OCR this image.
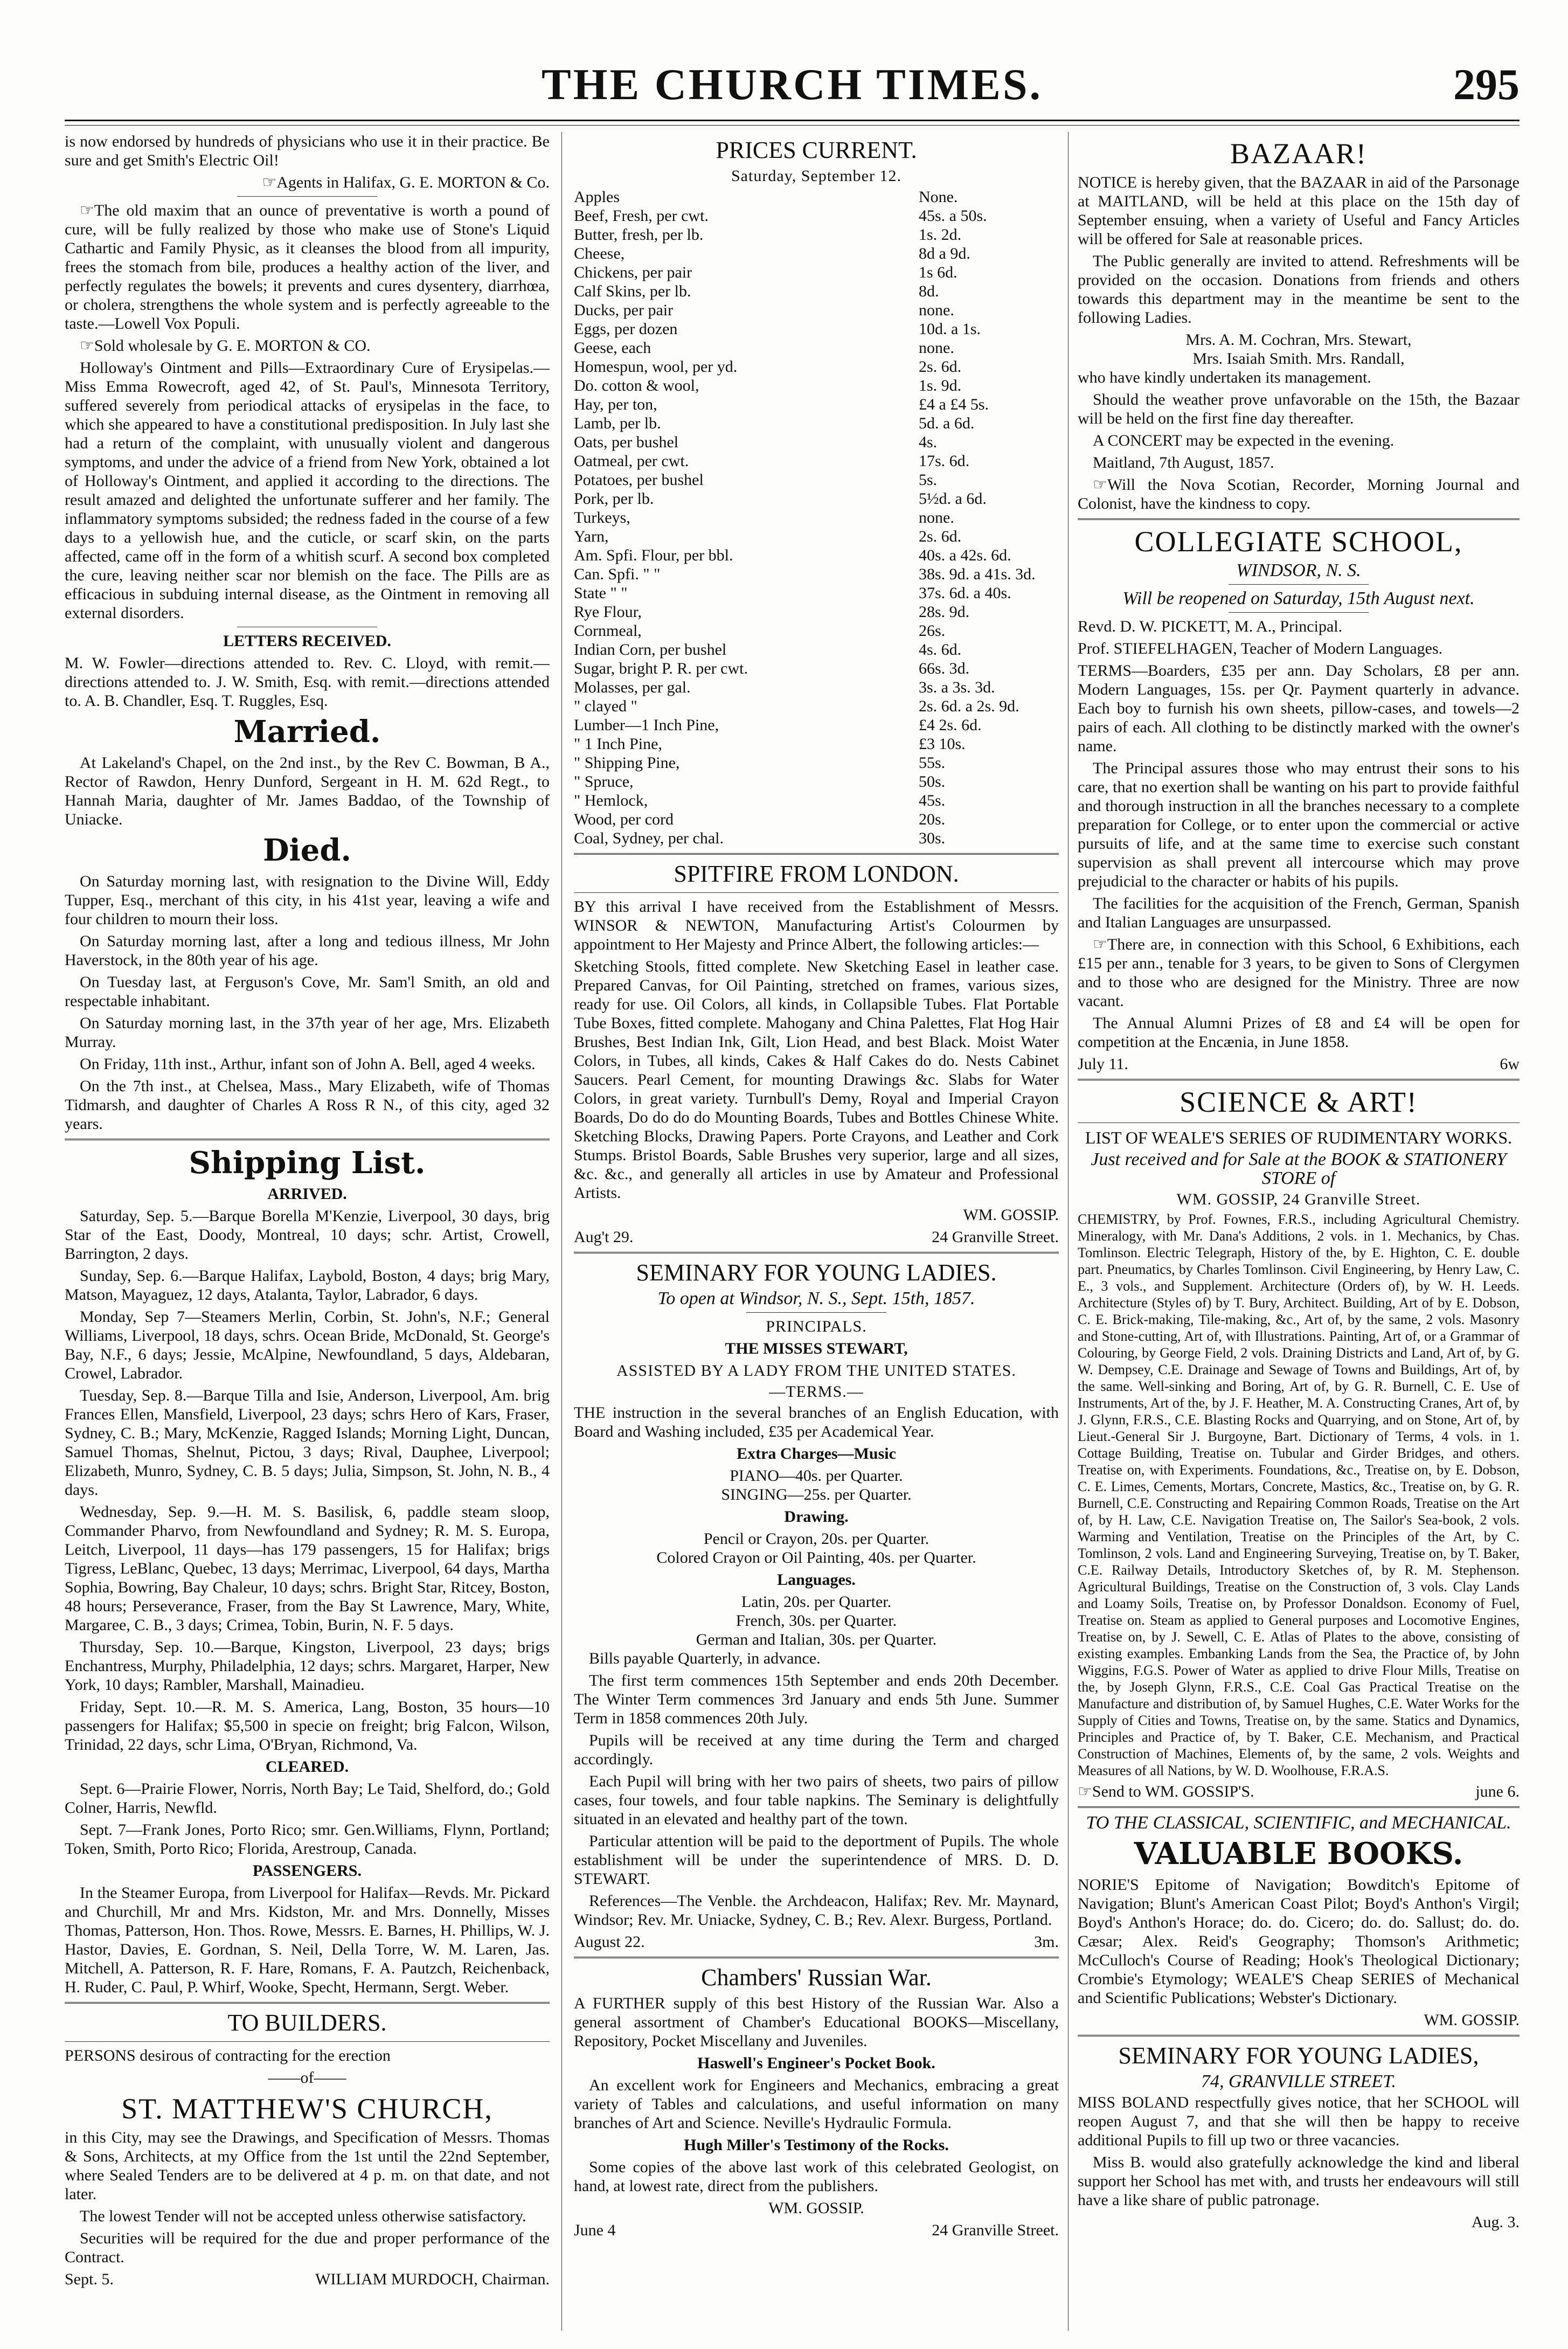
THE CHURCH TIMES.	295

is now endorsed by hundreds of physicians who use it in their practice. Be sure and get Smith's Electric Oil!

☞Agents in Halifax, G. E. MORTON & Co.

☞The old maxim that an ounce of preventative is worth a pound of cure, will be fully realized by those who make use of Stone's Liquid Cathartic and Family Physic, as it cleanses the blood from all impurity, frees the stomach from bile, produces a healthy action of the liver, and perfectly regulates the bowels; it prevents and cures dysentery, diarrhœa, or cholera, strengthens the whole system and is perfectly agreeable to the taste.—Lowell Vox Populi.

☞Sold wholesale by G. E. MORTON & CO.

Holloway's Ointment and Pills—Extraordinary Cure of Erysipelas.—Miss Emma Rowecroft, aged 42, of St. Paul's, Minnesota Territory, suffered severely from periodical attacks of erysipelas in the face, to which she appeared to have a constitutional predisposition. In July last she had a return of the complaint, with unusually violent and dangerous symptoms, and under the advice of a friend from New York, obtained a lot of Holloway's Ointment, and applied it according to the directions. The result amazed and delighted the unfortunate sufferer and her family. The inflammatory symptoms subsided; the redness faded in the course of a few days to a yellowish hue, and the cuticle, or scarf skin, on the parts affected, came off in the form of a whitish scurf. A second box completed the cure, leaving neither scar nor blemish on the face. The Pills are as efficacious in subduing internal disease, as the Ointment in removing all external disorders.

LETTERS RECEIVED.

M. W. Fowler—directions attended to. Rev. C. Lloyd, with remit.—directions attended to. J. W. Smith, Esq. with remit.—directions attended to. A. B. Chandler, Esq. T. Ruggles, Esq.

Married.

At Lakeland's Chapel, on the 2nd inst., by the Rev C. Bowman, B A., Rector of Rawdon, Henry Dunford, Sergeant in H. M. 62d Regt., to Hannah Maria, daughter of Mr. James Baddao, of the Township of Uniacke.

Died.

On Saturday morning last, with resignation to the Divine Will, Eddy Tupper, Esq., merchant of this city, in his 41st year, leaving a wife and four children to mourn their loss.

On Saturday morning last, after a long and tedious illness, Mr John Haverstock, in the 80th year of his age.

On Tuesday last, at Ferguson's Cove, Mr. Sam'l Smith, an old and respectable inhabitant.

On Saturday morning last, in the 37th year of her age, Mrs. Elizabeth Murray.

On Friday, 11th inst., Arthur, infant son of John A. Bell, aged 4 weeks.

On the 7th inst., at Chelsea, Mass., Mary Elizabeth, wife of Thomas Tidmarsh, and daughter of Charles A Ross R N., of this city, aged 32 years.

Shipping List.
ARRIVED.

Saturday, Sep. 5.—Barque Borella M'Kenzie, Liverpool, 30 days, brig Star of the East, Doody, Montreal, 10 days; schr. Artist, Crowell, Barrington, 2 days.

Sunday, Sep. 6.—Barque Halifax, Laybold, Boston, 4 days; brig Mary, Matson, Mayaguez, 12 days, Atalanta, Taylor, Labrador, 6 days.

Monday, Sep 7—Steamers Merlin, Corbin, St. John's, N.F.; General Williams, Liverpool, 18 days, schrs. Ocean Bride, McDonald, St. George's Bay, N.F., 6 days; Jessie, McAlpine, Newfoundland, 5 days, Aldebaran, Crowel, Labrador.

Tuesday, Sep. 8.—Barque Tilla and Isie, Anderson, Liverpool, Am. brig Frances Ellen, Mansfield, Liverpool, 23 days; schrs Hero of Kars, Fraser, Sydney, C. B.; Mary, McKenzie, Ragged Islands; Morning Light, Duncan, Samuel Thomas, Shelnut, Pictou, 3 days; Rival, Dauphee, Liverpool; Elizabeth, Munro, Sydney, C. B. 5 days; Julia, Simpson, St. John, N. B., 4 days.

Wednesday, Sep. 9.—H. M. S. Basilisk, 6, paddle steam sloop, Commander Pharvo, from Newfoundland and Sydney; R. M. S. Europa, Leitch, Liverpool, 11 days—has 179 passengers, 15 for Halifax; brigs Tigress, LeBlanc, Quebec, 13 days; Merrimac, Liverpool, 64 days, Martha Sophia, Bowring, Bay Chaleur, 10 days; schrs. Bright Star, Ritcey, Boston, 48 hours; Perseverance, Fraser, from the Bay St Lawrence, Mary, White, Margaree, C. B., 3 days; Crimea, Tobin, Burin, N. F. 5 days.

Thursday, Sep. 10.—Barque, Kingston, Liverpool, 23 days; brigs Enchantress, Murphy, Philadelphia, 12 days; schrs. Margaret, Harper, New York, 10 days; Rambler, Marshall, Mainadieu.

Friday, Sept. 10.—R. M. S. America, Lang, Boston, 35 hours—10 passengers for Halifax; $5,500 in specie on freight; brig Falcon, Wilson, Trinidad, 22 days, schr Lima, O'Bryan, Richmond, Va.

CLEARED.

Sept. 6—Prairie Flower, Norris, North Bay; Le Taid, Shelford, do.; Gold Colner, Harris, Newfld.

Sept. 7—Frank Jones, Porto Rico; smr. Gen.Williams, Flynn, Portland; Token, Smith, Porto Rico; Florida, Arestroup, Canada.

PASSENGERS.

In the Steamer Europa, from Liverpool for Halifax—Revds. Mr. Pickard and Churchill, Mr and Mrs. Kidston, Mr. and Mrs. Donnelly, Misses Thomas, Patterson, Hon. Thos. Rowe, Messrs. E. Barnes, H. Phillips, W. J. Hastor, Davies, E. Gordnan, S. Neil, Della Torre, W. M. Laren, Jas. Mitchell, A. Patterson, R. F. Hare, Romans, F. A. Pautzch, Reichenback, H. Ruder, C. Paul, P. Whirf, Wooke, Specht, Hermann, Sergt. Weber.

TO BUILDERS.

PERSONS desirous of contracting for the erection

——of——
ST. MATTHEW'S CHURCH,

in this City, may see the Drawings, and Specification of Messrs. Thomas & Sons, Architects, at my Office from the 1st until the 22nd September, where Sealed Tenders are to be delivered at 4 p. m. on that date, and not later.

The lowest Tender will not be accepted unless otherwise satisfactory.

Securities will be required for the due and proper performance of the Contract.

Sept. 5.	WILLIAM MURDOCH, Chairman.
PRICES CURRENT.
Saturday, September 12.
Apples	None.
Beef, Fresh, per cwt.	45s. a 50s.
Butter, fresh, per lb.	1s. 2d.
Cheese,	8d a 9d.
Chickens, per pair	1s 6d.
Calf Skins, per lb.	8d.
Ducks, per pair	none.
Eggs, per dozen	10d. a 1s.
Geese, each	none.
Homespun, wool, per yd.	2s. 6d.
Do. cotton & wool,	1s. 9d.
Hay, per ton,	£4 a £4 5s.
Lamb, per lb.	5d. a 6d.
Oats, per bushel	4s.
Oatmeal, per cwt.	17s. 6d.
Potatoes, per bushel	5s.
Pork, per lb.	5½d. a 6d.
Turkeys,	none.
Yarn,	2s. 6d.
Am. Spfi. Flour, per bbl.	40s. a 42s. 6d.
Can. Spfi. " "	38s. 9d. a 41s. 3d.
State " "	37s. 6d. a 40s.
Rye Flour,	28s. 9d.
Cornmeal,	26s.
Indian Corn, per bushel	4s. 6d.
Sugar, bright P. R. per cwt.	66s. 3d.
Molasses, per gal.	3s. a 3s. 3d.
" clayed "	2s. 6d. a 2s. 9d.
Lumber—1 Inch Pine,	£4 2s. 6d.
" 1 Inch Pine,	£3 10s.
" Shipping Pine,	55s.
" Spruce,	50s.
" Hemlock,	45s.
Wood, per cord	20s.
Coal, Sydney, per chal.	30s.
SPITFIRE FROM LONDON.

BY this arrival I have received from the Establishment of Messrs. WINSOR & NEWTON, Manufacturing Artist's Colourmen by appointment to Her Majesty and Prince Albert, the following articles:—

Sketching Stools, fitted complete. New Sketching Easel in leather case. Prepared Canvas, for Oil Painting, stretched on frames, various sizes, ready for use. Oil Colors, all kinds, in Collapsible Tubes. Flat Portable Tube Boxes, fitted complete. Mahogany and China Palettes, Flat Hog Hair Brushes, Best Indian Ink, Gilt, Lion Head, and best Black. Moist Water Colors, in Tubes, all kinds, Cakes & Half Cakes do do. Nests Cabinet Saucers. Pearl Cement, for mounting Drawings &c. Slabs for Water Colors, in great variety. Turnbull's Demy, Royal and Imperial Crayon Boards, Do do do do Mounting Boards, Tubes and Bottles Chinese White. Sketching Blocks, Drawing Papers. Porte Crayons, and Leather and Cork Stumps. Bristol Boards, Sable Brushes very superior, large and all sizes, &c. &c., and generally all articles in use by Amateur and Professional Artists.

WM. GOSSIP.

Aug't 29.	24 Granville Street.
SEMINARY FOR YOUNG LADIES.
To open at Windsor, N. S., Sept. 15th, 1857.
PRINCIPALS.
THE MISSES STEWART,
ASSISTED BY A LADY FROM THE UNITED STATES.
—TERMS.—

THE instruction in the several branches of an English Education, with Board and Washing included, £35 per Academical Year.

Extra Charges—Music
PIANO—40s. per Quarter.
SINGING—25s. per Quarter.
Drawing.
Pencil or Crayon, 20s. per Quarter.
Colored Crayon or Oil Painting, 40s. per Quarter.
Languages.
Latin, 20s. per Quarter.
French, 30s. per Quarter.
German and Italian, 30s. per Quarter.

Bills payable Quarterly, in advance.

The first term commences 15th September and ends 20th December. The Winter Term commences 3rd January and ends 5th June. Summer Term in 1858 commences 20th July.

Pupils will be received at any time during the Term and charged accordingly.

Each Pupil will bring with her two pairs of sheets, two pairs of pillow cases, four towels, and four table napkins. The Seminary is delightfully situated in an elevated and healthy part of the town.

Particular attention will be paid to the deportment of Pupils. The whole establishment will be under the superintendence of MRS. D. D. STEWART.

References—The Venble. the Archdeacon, Halifax; Rev. Mr. Maynard, Windsor; Rev. Mr. Uniacke, Sydney, C. B.; Rev. Alexr. Burgess, Portland.

August 22.	3m.
Chambers' Russian War.

A FURTHER supply of this best History of the Russian War. Also a general assortment of Chamber's Educational BOOKS—Miscellany, Repository, Pocket Miscellany and Juveniles.

Haswell's Engineer's Pocket Book.

An excellent work for Engineers and Mechanics, embracing a great variety of Tables and calculations, and useful information on many branches of Art and Science. Neville's Hydraulic Formula.

Hugh Miller's Testimony of the Rocks.

Some copies of the above last work of this celebrated Geologist, on hand, at lowest rate, direct from the publishers.

WM. GOSSIP.

June 4	24 Granville Street.
BAZAAR!

NOTICE is hereby given, that the BAZAAR in aid of the Parsonage at MAITLAND, will be held at this place on the 15th day of September ensuing, when a variety of Useful and Fancy Articles will be offered for Sale at reasonable prices.

The Public generally are invited to attend. Refreshments will be provided on the occasion. Donations from friends and others towards this department may in the meantime be sent to the following Ladies.

Mrs. A. M. Cochran, Mrs. Stewart,
Mrs. Isaiah Smith. Mrs. Randall,

who have kindly undertaken its management.

Should the weather prove unfavorable on the 15th, the Bazaar will be held on the first fine day thereafter.

A CONCERT may be expected in the evening.

Maitland, 7th August, 1857.

☞Will the Nova Scotian, Recorder, Morning Journal and Colonist, have the kindness to copy.

COLLEGIATE SCHOOL,
WINDSOR, N. S.
Will be reopened on Saturday, 15th August next.

Revd. D. W. PICKETT, M. A., Principal.

Prof. STIEFELHAGEN, Teacher of Modern Languages.

TERMS—Boarders, £35 per ann. Day Scholars, £8 per ann. Modern Languages, 15s. per Qr. Payment quarterly in advance. Each boy to furnish his own sheets, pillow-cases, and towels—2 pairs of each. All clothing to be distinctly marked with the owner's name.

The Principal assures those who may entrust their sons to his care, that no exertion shall be wanting on his part to provide faithful and thorough instruction in all the branches necessary to a complete preparation for College, or to enter upon the commercial or active pursuits of life, and at the same time to exercise such constant supervision as shall prevent all intercourse which may prove prejudicial to the character or habits of his pupils.

The facilities for the acquisition of the French, German, Spanish and Italian Languages are unsurpassed.

☞There are, in connection with this School, 6 Exhibitions, each £15 per ann., tenable for 3 years, to be given to Sons of Clergymen and to those who are designed for the Ministry. Three are now vacant.

The Annual Alumni Prizes of £8 and £4 will be open for competition at the Encænia, in June 1858.

July 11.	6w
SCIENCE & ART!
LIST OF WEALE'S SERIES OF RUDIMENTARY WORKS.
Just received and for Sale at the BOOK & STATIONERY STORE of
WM. GOSSIP, 24 Granville Street.

CHEMISTRY, by Prof. Fownes, F.R.S., including Agricultural Chemistry. Mineralogy, with Mr. Dana's Additions, 2 vols. in 1. Mechanics, by Chas. Tomlinson. Electric Telegraph, History of the, by E. Highton, C. E. double part. Pneumatics, by Charles Tomlinson. Civil Engineering, by Henry Law, C. E., 3 vols., and Supplement. Architecture (Orders of), by W. H. Leeds. Architecture (Styles of) by T. Bury, Architect. Building, Art of by E. Dobson, C. E. Brick-making, Tile-making, &c., Art of, by the same, 2 vols. Masonry and Stone-cutting, Art of, with Illustrations. Painting, Art of, or a Grammar of Colouring, by George Field, 2 vols. Draining Districts and Land, Art of, by G. W. Dempsey, C.E. Drainage and Sewage of Towns and Buildings, Art of, by the same. Well-sinking and Boring, Art of, by G. R. Burnell, C. E. Use of Instruments, Art of the, by J. F. Heather, M. A. Constructing Cranes, Art of, by J. Glynn, F.R.S., C.E. Blasting Rocks and Quarrying, and on Stone, Art of, by Lieut.-General Sir J. Burgoyne, Bart. Dictionary of Terms, 4 vols. in 1. Cottage Building, Treatise on. Tubular and Girder Bridges, and others. Treatise on, with Experiments. Foundations, &c., Treatise on, by E. Dobson, C. E. Limes, Cements, Mortars, Concrete, Mastics, &c., Treatise on, by G. R. Burnell, C.E. Constructing and Repairing Common Roads, Treatise on the Art of, by H. Law, C.E. Navigation Treatise on, The Sailor's Sea-book, 2 vols. Warming and Ventilation, Treatise on the Principles of the Art, by C. Tomlinson, 2 vols. Land and Engineering Surveying, Treatise on, by T. Baker, C.E. Railway Details, Introductory Sketches of, by R. M. Stephenson. Agricultural Buildings, Treatise on the Construction of, 3 vols. Clay Lands and Loamy Soils, Treatise on, by Professor Donaldson. Economy of Fuel, Treatise on. Steam as applied to General purposes and Locomotive Engines, Treatise on, by J. Sewell, C. E. Atlas of Plates to the above, consisting of existing examples. Embanking Lands from the Sea, the Practice of, by John Wiggins, F.G.S. Power of Water as applied to drive Flour Mills, Treatise on the, by Joseph Glynn, F.R.S., C.E. Coal Gas Practical Treatise on the Manufacture and distribution of, by Samuel Hughes, C.E. Water Works for the Supply of Cities and Towns, Treatise on, by the same. Statics and Dynamics, Principles and Practice of, by T. Baker, C.E. Mechanism, and Practical Construction of Machines, Elements of, by the same, 2 vols. Weights and Measures of all Nations, by W. D. Woolhouse, F.R.A.S.

☞Send to WM. GOSSIP'S.	june 6.
TO THE CLASSICAL, SCIENTIFIC, and MECHANICAL.
VALUABLE BOOKS.

NORIE'S Epitome of Navigation; Bowditch's Epitome of Navigation; Blunt's American Coast Pilot; Boyd's Anthon's Virgil; Boyd's Anthon's Horace; do. do. Cicero; do. do. Sallust; do. do. Cæsar; Alex. Reid's Geography; Thomson's Arithmetic; McCulloch's Course of Reading; Hook's Theological Dictionary; Crombie's Etymology; WEALE'S Cheap SERIES of Mechanical and Scientific Publications; Webster's Dictionary.

WM. GOSSIP.

SEMINARY FOR YOUNG LADIES,
74, GRANVILLE STREET.

MISS BOLAND respectfully gives notice, that her SCHOOL will reopen August 7, and that she will then be happy to receive additional Pupils to fill up two or three vacancies.

Miss B. would also gratefully acknowledge the kind and liberal support her School has met with, and trusts her endeavours will still have a like share of public patronage.

Aug. 3.
